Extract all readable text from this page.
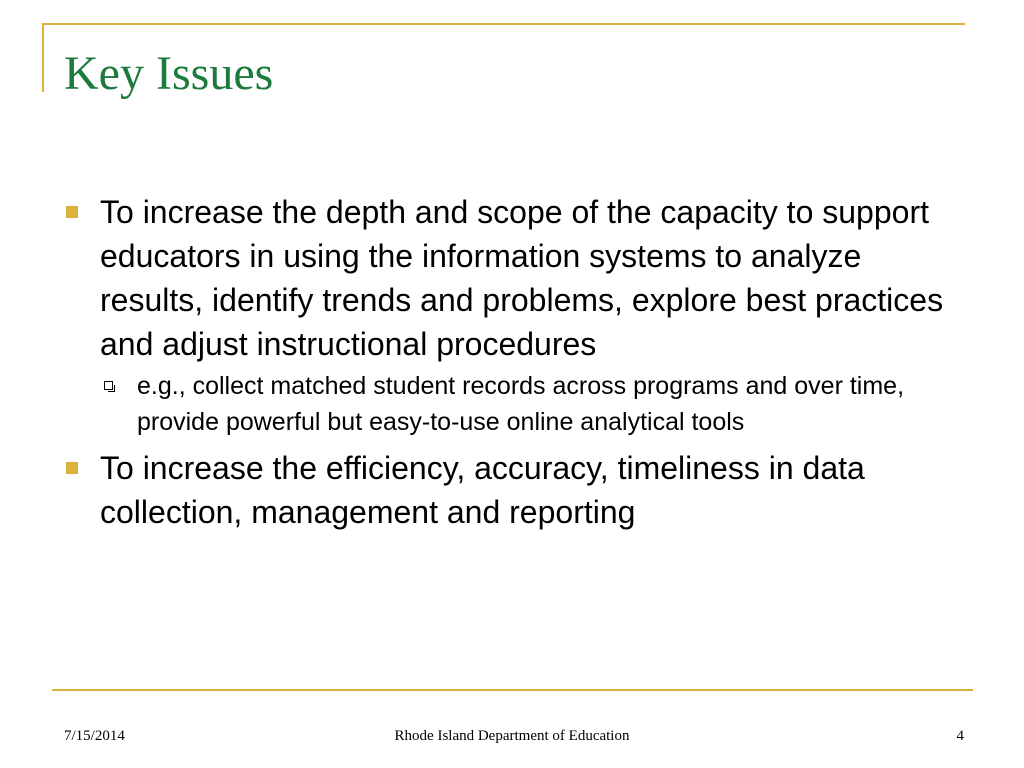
Key Issues
To increase the depth and scope of the capacity to support educators in using the information systems to analyze results, identify trends and problems, explore best practices and adjust instructional procedures
e.g., collect matched student records across programs and over time, provide powerful but easy-to-use online analytical tools
To increase the efficiency, accuracy, timeliness in data collection, management and reporting
7/15/2014	Rhode Island Department of Education	4
